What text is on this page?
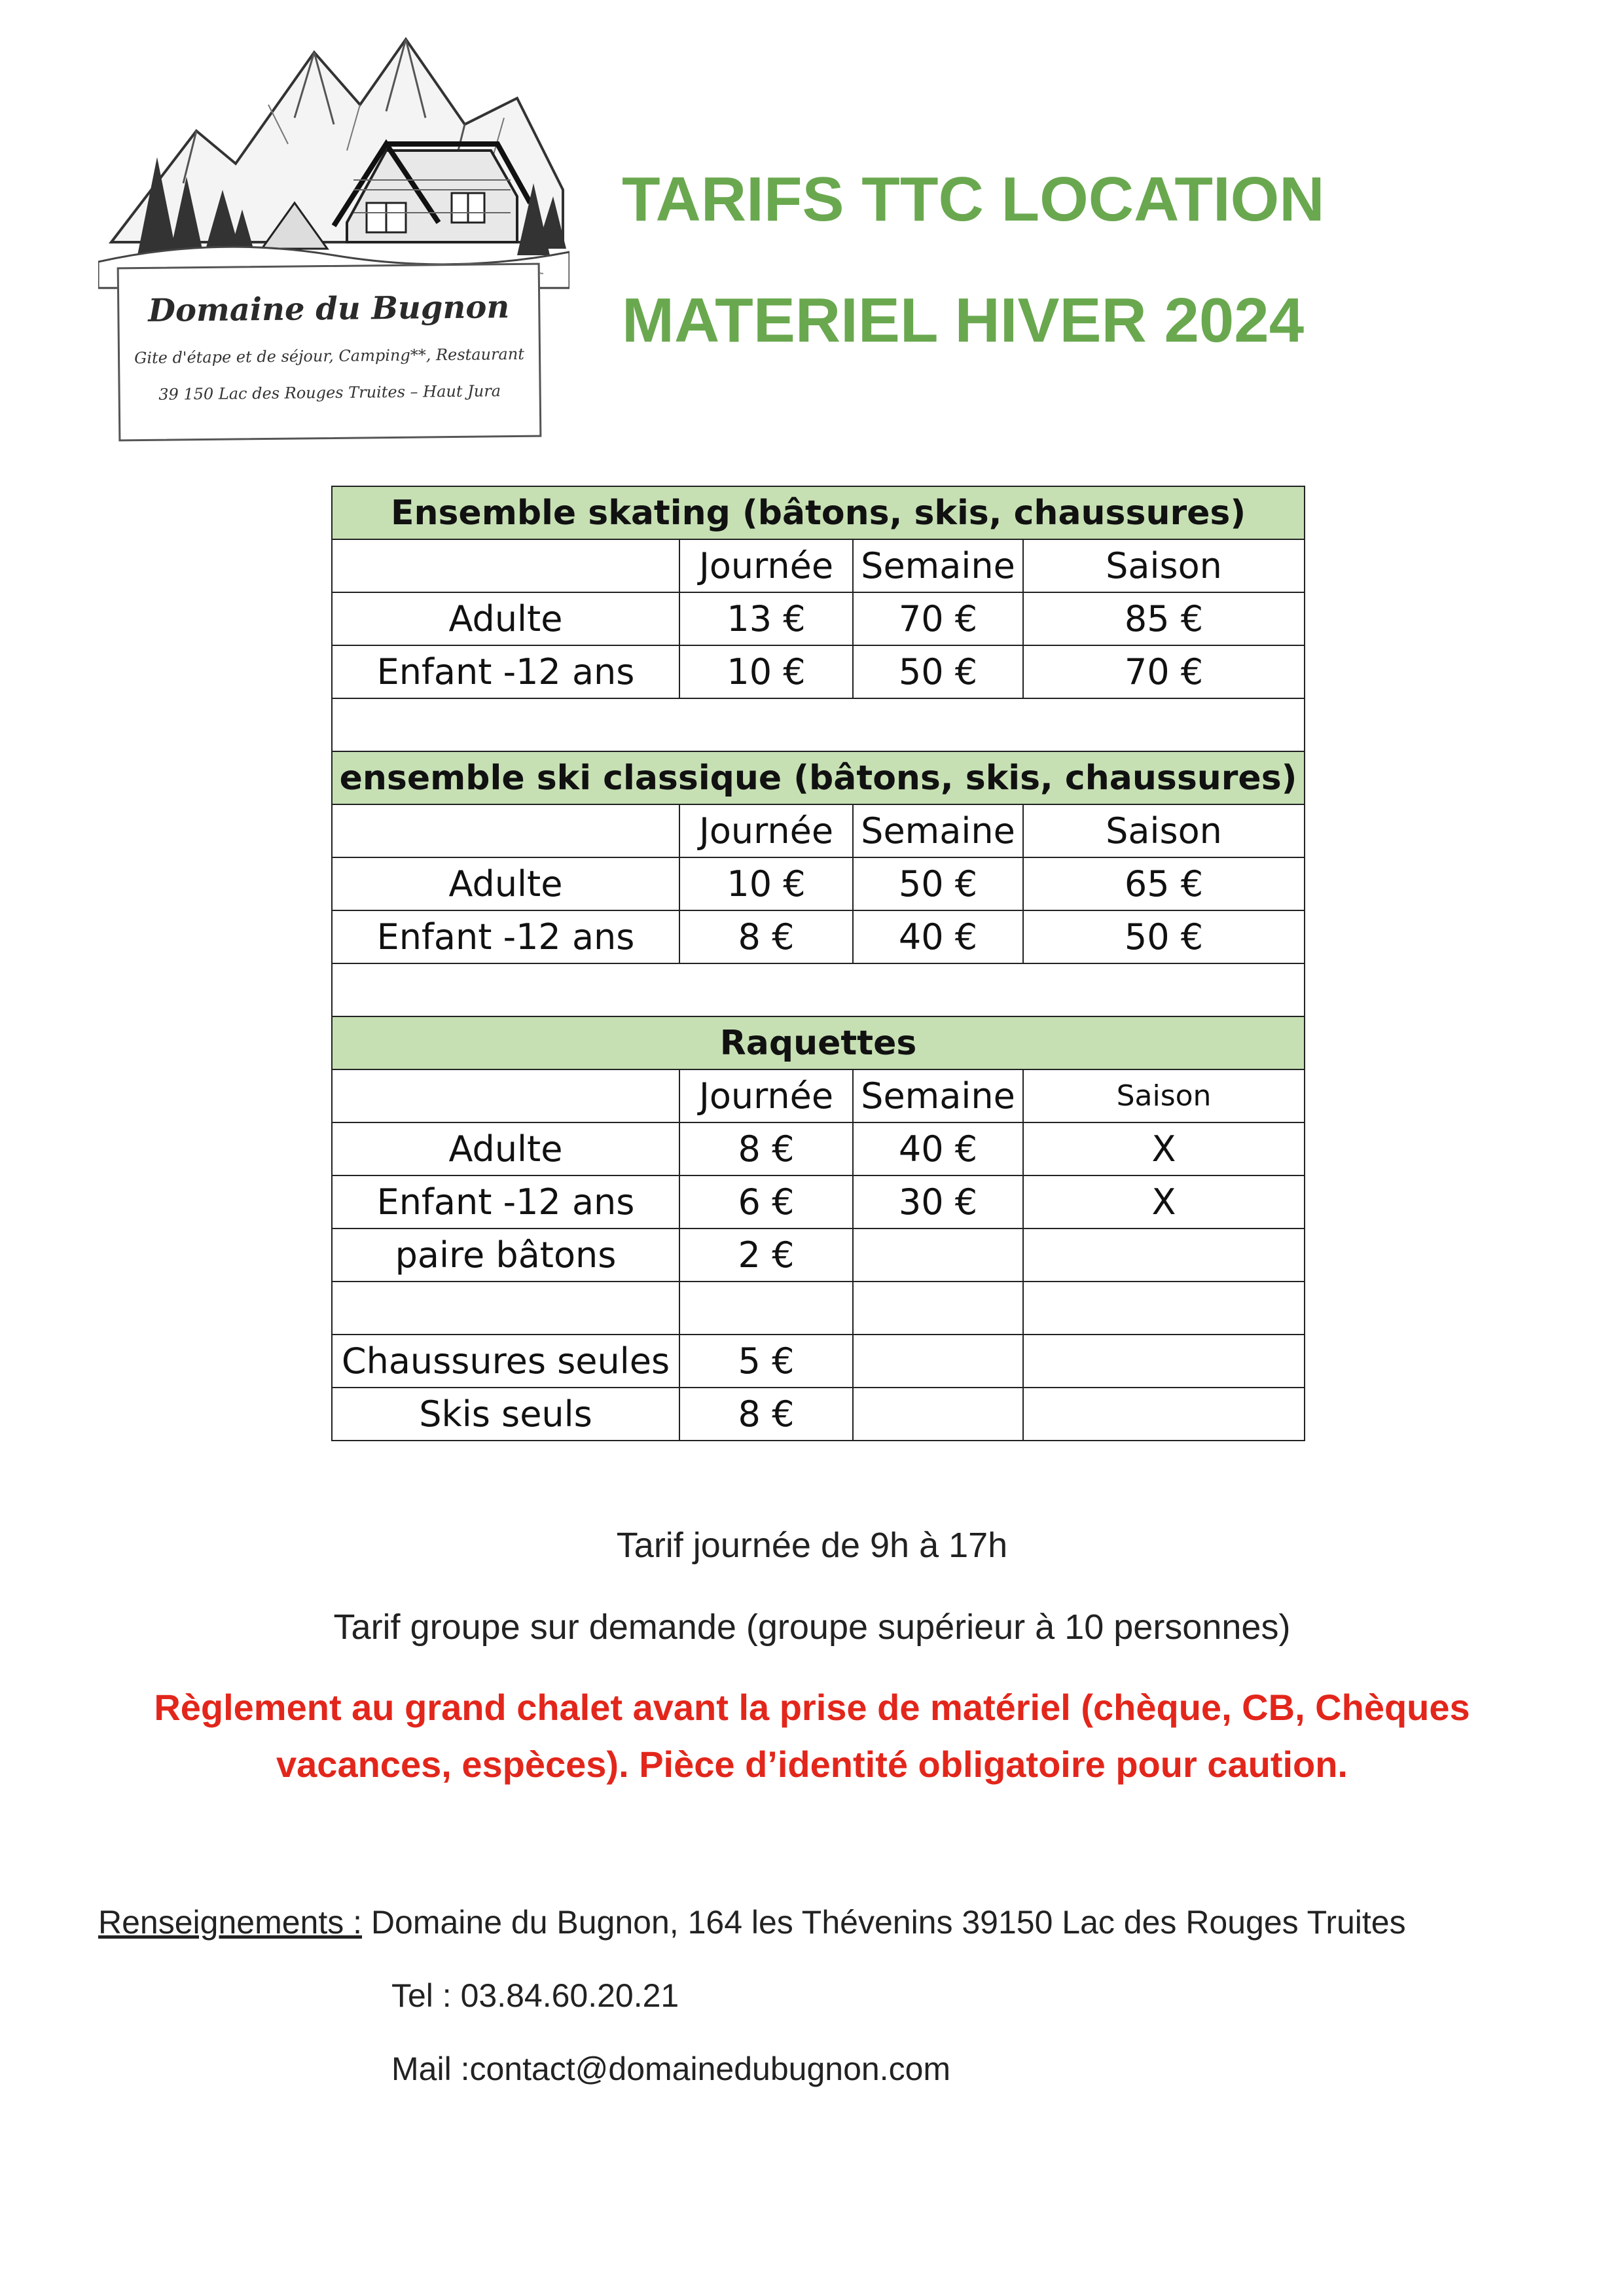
Domaine du Bugnon
Gite d'étape et de séjour, Camping**, Restaurant
39 150 Lac des Rouges Truites – Haut Jura
TARIFS TTC LOCATION
MATERIEL HIVER 2024
Ensemble skating (bâtons, skis, chaussures)			
	Journée	Semaine	Saison
Adulte	13 €	70 €	85 €
Enfant -12 ans	10 €	50 €	70 €

ensemble ski classique (bâtons, skis, chaussures)			
	Journée	Semaine	Saison
Adulte	10 €	50 €	65 €
Enfant -12 ans	8 €	40 €	50 €

Raquettes			
	Journée	Semaine	Saison
Adulte	8 €	40 €	X
Enfant -12 ans	6 €	30 €	X
paire bâtons	2 €		

Chaussures seules	5 €		
Skis seuls	8 €		
Tarif journée de 9h à 17h
Tarif groupe sur demande (groupe supérieur à 10 personnes)
Règlement au grand chalet avant la prise de matériel (chèque, CB, Chèques
vacances, espèces). Pièce d’identité obligatoire pour caution.
Renseignements : Domaine du Bugnon, 164 les Thévenins 39150 Lac des Rouges Truites
Tel : 03.84.60.20.21
Mail :contact@domainedubugnon.com
